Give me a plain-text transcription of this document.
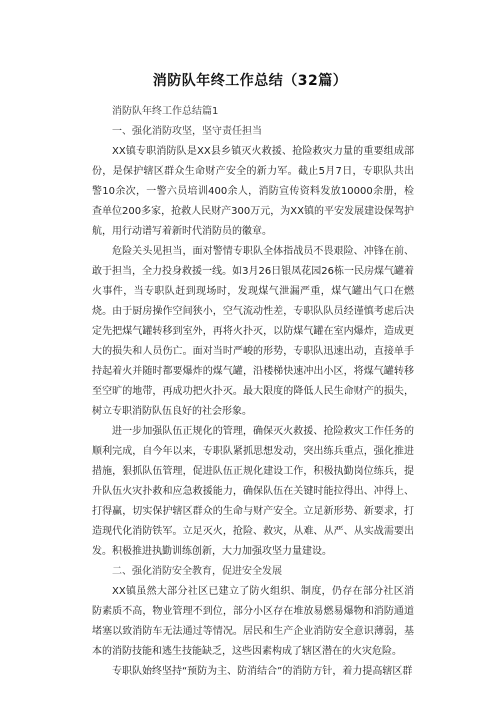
消防队年终工作总结（32篇）

消防队年终工作总结篇1

一、强化消防攻坚，坚守责任担当

XX镇专职消防队是XX县乡镇灭火救援、抢险救灾力量的重要组成部份，是保护辖区群众生命财产安全的新力军。截止5月7日，专职队共出警10余次，一警六员培训400余人，消防宣传资料发放10000余册，检查单位200多家，抢救人民财产300万元，为XX镇的平安发展建设保驾护航，用行动谱写着新时代消防员的徽章。

危险关头见担当，面对警情专职队全体指战员不畏艰险、冲锋在前、敢于担当，全力投身救援一线。如3月26日银凤花园26栋一民房煤气罐着火事件，当专职队赶到现场时，发现煤气泄漏严重，煤气罐出气口在燃烧。由于厨房操作空间狭小，空气流动性差，专职队队员经谨慎考虑后决定先把煤气罐转移到室外，再将火扑灭，以防煤气罐在室内爆炸，造成更大的损失和人员伤亡。面对当时严峻的形势，专职队迅速出动，直接单手持起着火并随时都要爆炸的煤气罐，沿楼梯快速冲出小区，将煤气罐转移至空旷的地带，再成功把火扑灭。最大限度的降低人民生命财产的损失，树立专职消防队伍良好的社会形象。

进一步加强队伍正规化的管理，确保灭火救援、抢险救灾工作任务的顺利完成，自今年以来，专职队紧抓思想发动，突出练兵重点，强化推进措施，狠抓队伍管理，促进队伍正规化建设工作，积极执勤岗位练兵，提升队伍火灾扑救和应急救援能力，确保队伍在关键时能拉得出、冲得上、打得赢，切实保护辖区群众的生命与财产安全。立足新形势、新要求，打造现代化消防铁军。立足灭火，抢险、救灾，从难、从严、从实战需要出发。积极推进执勤训练创新，大力加强攻坚力量建设。

二、强化消防安全教育，促进安全发展

XX镇虽然大部分社区已建立了防火组织、制度，仍存在部分社区消防素质不高，物业管理不到位，部分小区存在堆放易燃易爆物和消防通道堵塞以致消防车无法通过等情况。居民和生产企业消防安全意识薄弱，基本的消防技能和逃生技能缺乏，这些因素构成了辖区潜在的火灾危险。

专职队始终坚持“预防为主、防消结合”的消防方针，着力提高辖区群
